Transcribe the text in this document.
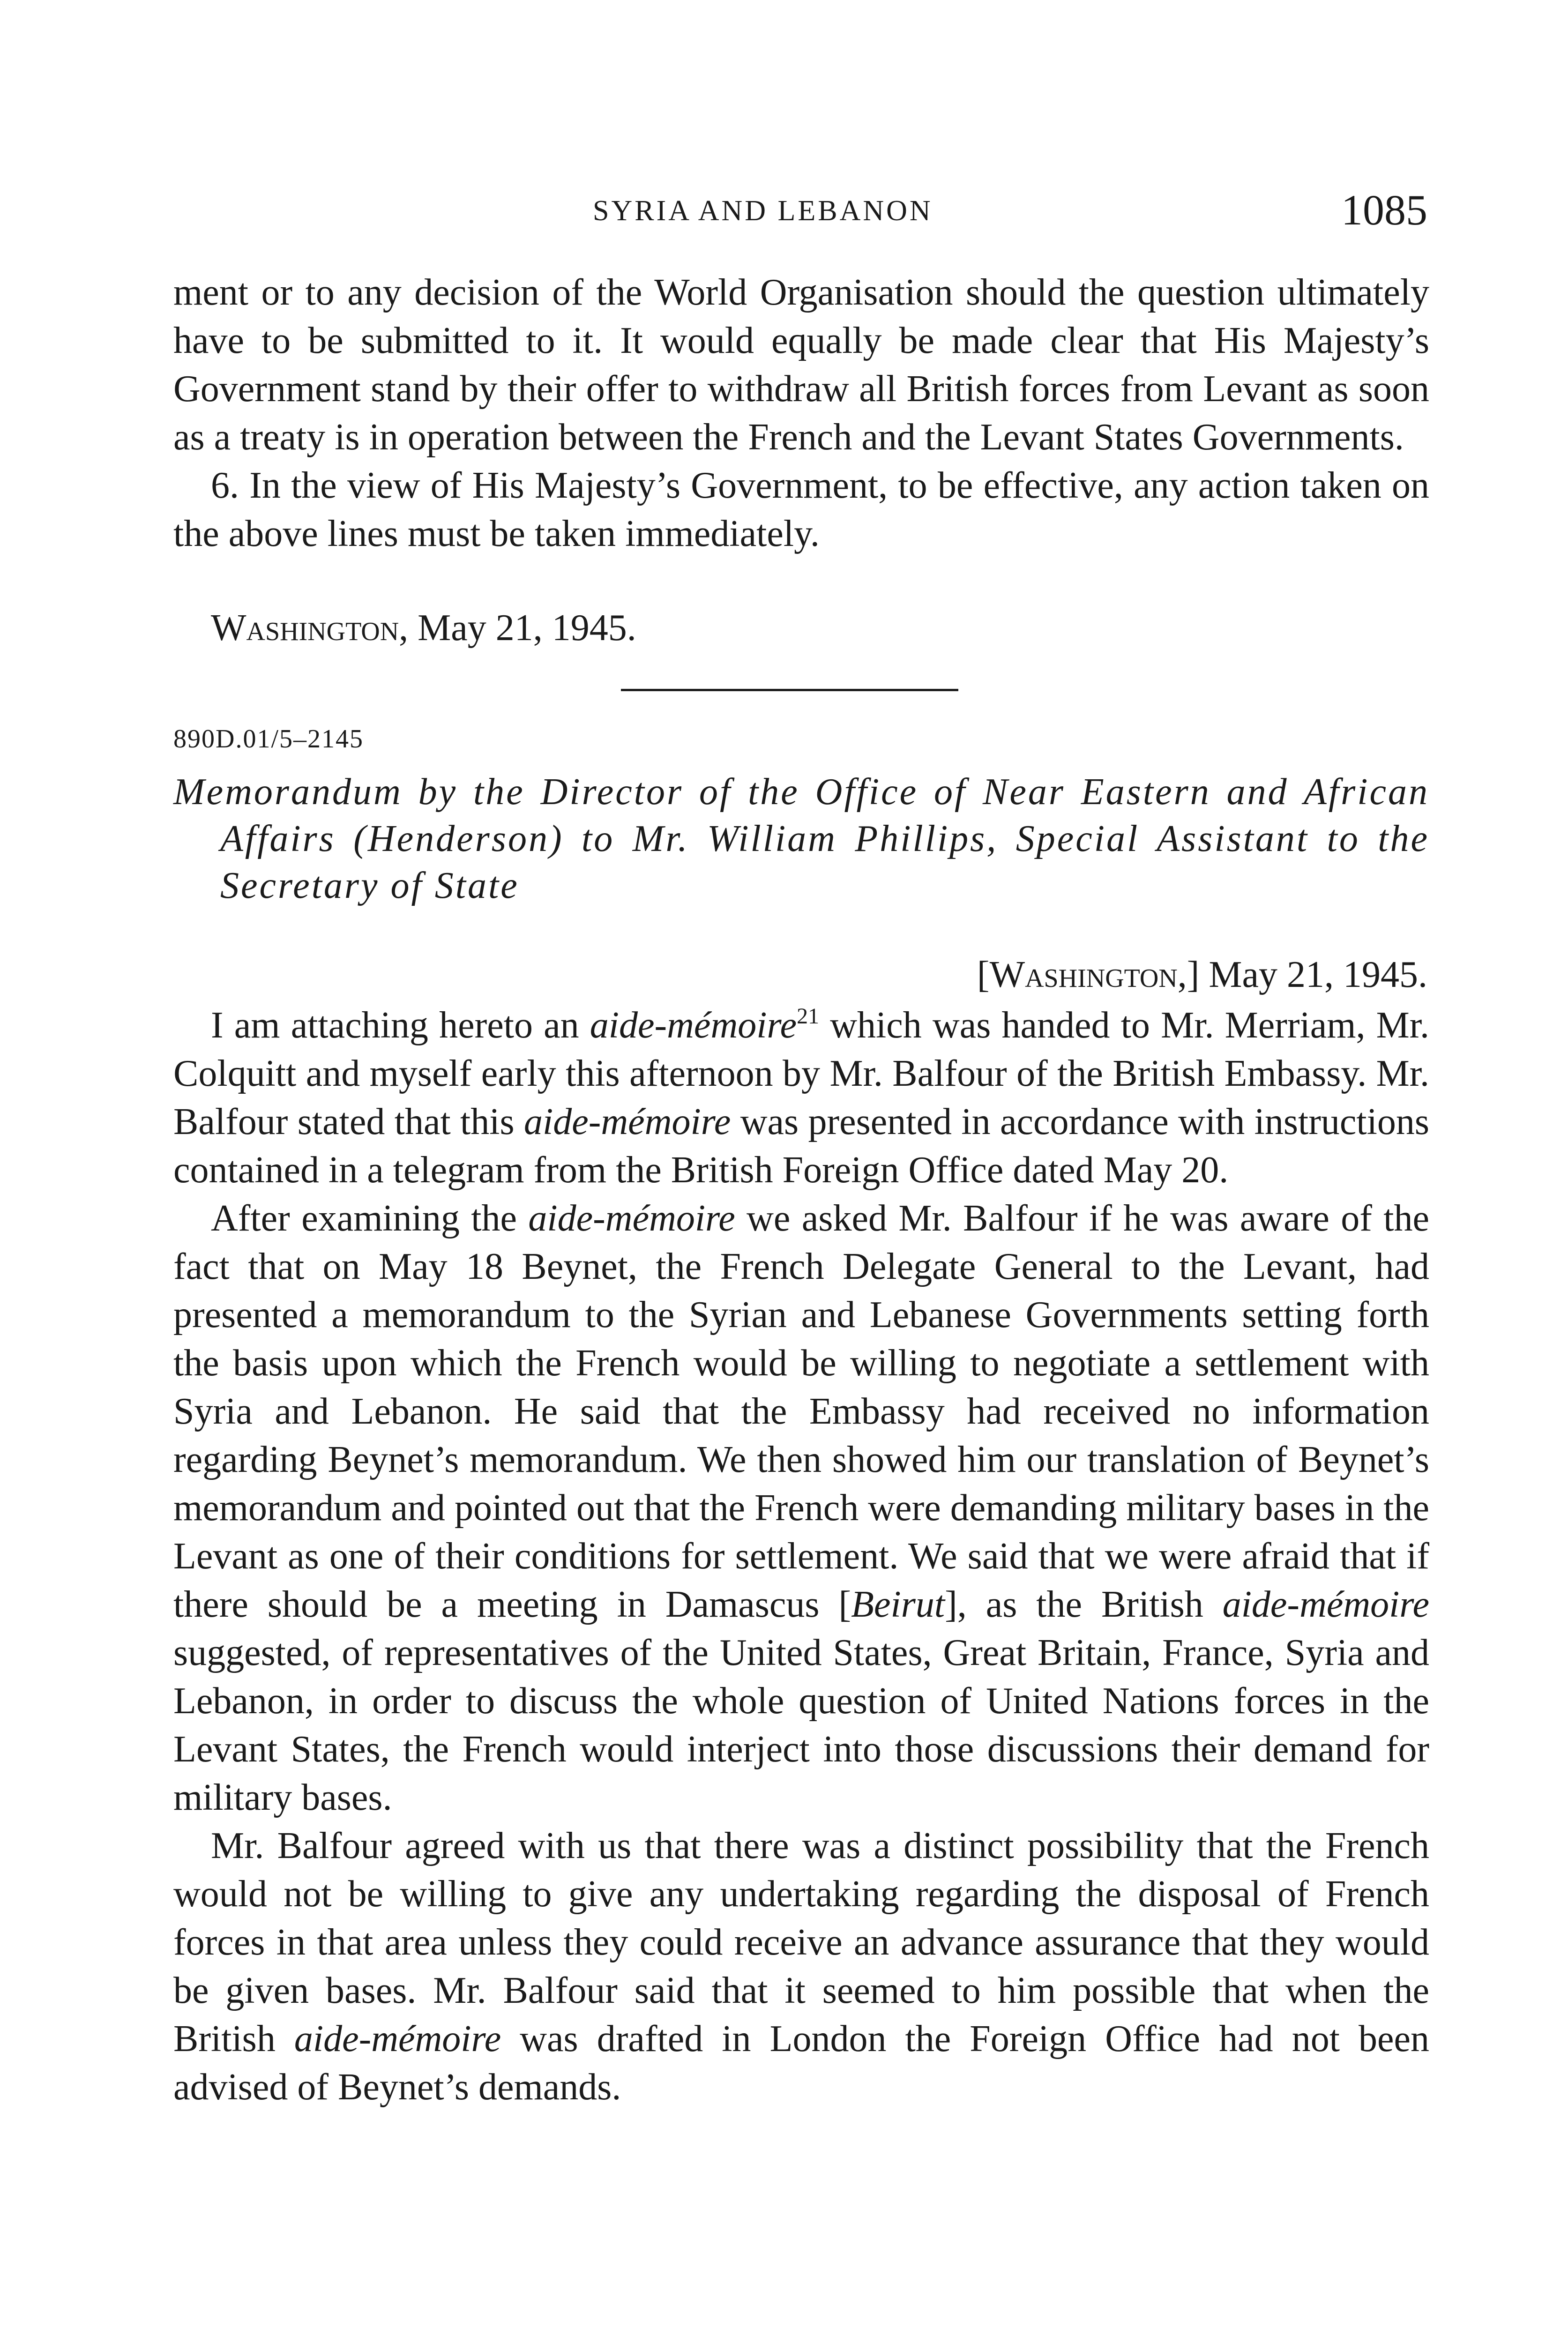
SYRIA AND LEBANON	1085

ment or to any decision of the World Organisation should the question ultimately have to be submitted to it. It would equally be made clear that His Majesty’s Government stand by their offer to withdraw all British forces from Levant as soon as a treaty is in operation between the French and the Levant States Governments.

6. In the view of His Majesty’s Government, to be effective, any action taken on the above lines must be taken immediately.

Washington, May 21, 1945.
890D.01/5–2145
Memorandum by the Director of the Office of Near Eastern and African Affairs (Henderson) to Mr. William Phillips, Special Assistant to the Secretary of State
[Washington,] May 21, 1945.

I am attaching hereto an aide-mémoire$^{21}$ which was handed to Mr. Merriam, Mr. Colquitt and myself early this afternoon by Mr. Balfour of the British Embassy. Mr. Balfour stated that this aide-mémoire was presented in accordance with instructions contained in a telegram from the British Foreign Office dated May 20.

After examining the aide-mémoire we asked Mr. Balfour if he was aware of the fact that on May 18 Beynet, the French Delegate General to the Levant, had presented a memorandum to the Syrian and Lebanese Governments setting forth the basis upon which the French would be willing to negotiate a settlement with Syria and Lebanon. He said that the Embassy had received no information regarding Beynet’s memorandum. We then showed him our translation of Beynet’s memorandum and pointed out that the French were demanding military bases in the Levant as one of their conditions for settlement. We said that we were afraid that if there should be a meeting in Damascus [Beirut], as the British aide-mémoire suggested, of representatives of the United States, Great Britain, France, Syria and Lebanon, in order to discuss the whole question of United Nations forces in the Levant States, the French would interject into those discussions their demand for military bases.

Mr. Balfour agreed with us that there was a distinct possibility that the French would not be willing to give any undertaking regarding the disposal of French forces in that area unless they could receive an advance assurance that they would be given bases. Mr. Balfour said that it seemed to him possible that when the British aide-mémoire was drafted in London the Foreign Office had not been advised of Beynet’s demands.
